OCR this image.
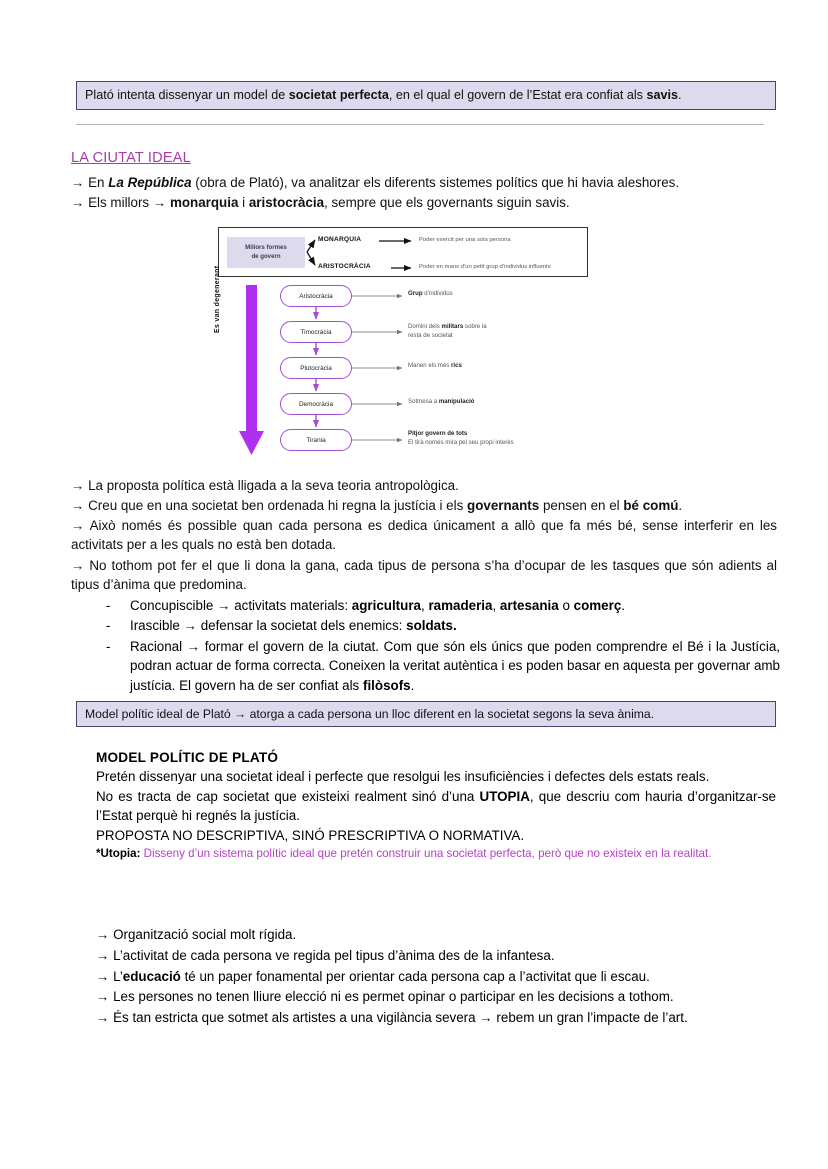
Plató intenta dissenyar un model de societat perfecta, en el qual el govern de l’Estat era confiat als savis.
LA CIUTAT IDEAL
→ En La República (obra de Plató), va analitzar els diferents sistemes polítics que hi havia aleshores.
→ Els millors → monarquia i aristocràcia, sempre que els governants siguin savis.
Millors formes
de govern
MONARQUIA
ARISTOCRÀCIA
Poder exercit per una sola persona
Poder en mans d’un petit grup d’individus influents
Es van degenerant	Aristocràcia
Timocràcia
Plutocràcia
Democràcia
Tirania
Grup d’individus
Domini dels militars sobre la
resta de societat
Manen els més rics
Sotmesa a manipulació
Pitjor govern de tots
El tirà només mira pel seu propi interès
→ La proposta política està lligada a la seva teoria antropològica.
→ Creu que en una societat ben ordenada hi regna la justícia i els governants pensen en el bé comú.
→ Això només és possible quan cada persona es dedica únicament a allò que fa més bé, sense interferir en les activitats per a les quals no està ben dotada.
→ No tothom pot fer el que li dona la gana, cada tipus de persona s’ha d’ocupar de les tasques que són adients al tipus d’ànima que predomina.
- Concupiscible → activitats materials: agricultura, ramaderia, artesania o comerç.
- Irascible → defensar la societat dels enemics: soldats.
- Racional → formar el govern de la ciutat. Com que són els únics que poden comprendre el Bé i la Justícia, podran actuar de forma correcta. Coneixen la veritat autèntica i es poden basar en aquesta per governar amb justícia. El govern ha de ser confiat als filòsofs.
Model polític ideal de Plató → atorga a cada persona un lloc diferent en la societat segons la seva ànima.
MODEL POLÍTIC DE PLATÓ

Pretén dissenyar una societat ideal i perfecte que resolgui les insuficiències i defectes dels estats reals.

No es tracta de cap societat que existeixi realment sinó d’una UTOPIA, que descriu com hauria d’organitzar-se l’Estat perquè hi regnés la justícia.

PROPOSTA NO DESCRIPTIVA, SINÓ PRESCRIPTIVA O NORMATIVA.

*Utopia: Disseny d’un sistema polític ideal que pretén construir una societat perfecta, però que no existeix en la realitat.
→ Organització social molt rígida.
→ L’activitat de cada persona ve regida pel tipus d’ànima des de la infantesa.
→ L’educació té un paper fonamental per orientar cada persona cap a l’activitat que li escau.
→ Les persones no tenen lliure elecció ni es permet opinar o participar en les decisions a tothom.
→ És tan estricta que sotmet als artistes a una vigilància severa → rebem un gran l’impacte de l’art.
